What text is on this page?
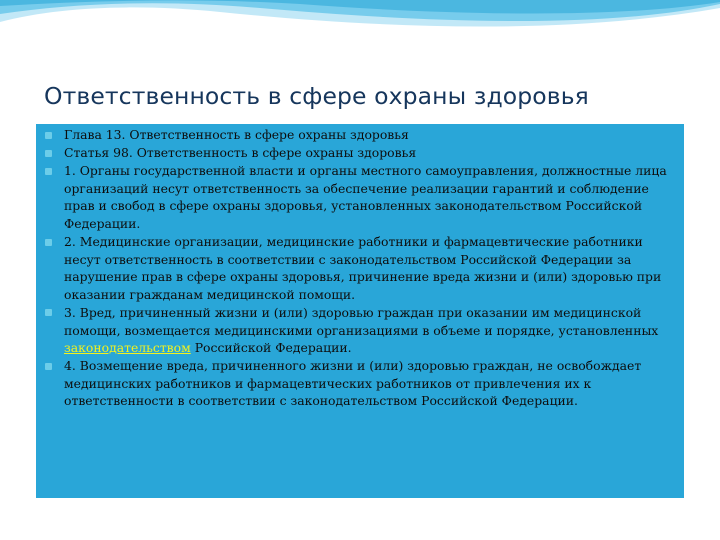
Ответственность в сфере охраны здоровья
Глава 13. Ответственность в сфере охраны здоровья
Статья 98. Ответственность в сфере охраны здоровья
1. Органы государственной власти и органы местного самоуправления, должностные лица организаций несут ответственность за обеспечение реализации гарантий и соблюдение прав и свобод в сфере охраны здоровья, установленных законодательством Российской Федерации.
2. Медицинские организации, медицинские работники и фармацевтические работники несут ответственность в соответствии с законодательством Российской Федерации за нарушение прав в сфере охраны здоровья, причинение вреда жизни и (или) здоровью при оказании гражданам медицинской помощи.
3. Вред, причиненный жизни и (или) здоровью граждан при оказании им медицинской помощи, возмещается медицинскими организациями в объеме и порядке, установленных законодательством Российской Федерации.
4. Возмещение вреда, причиненного жизни и (или) здоровью граждан, не освобождает медицинских работников и фармацевтических работников от привлечения их к ответственности в соответствии с законодательством Российской Федерации.
